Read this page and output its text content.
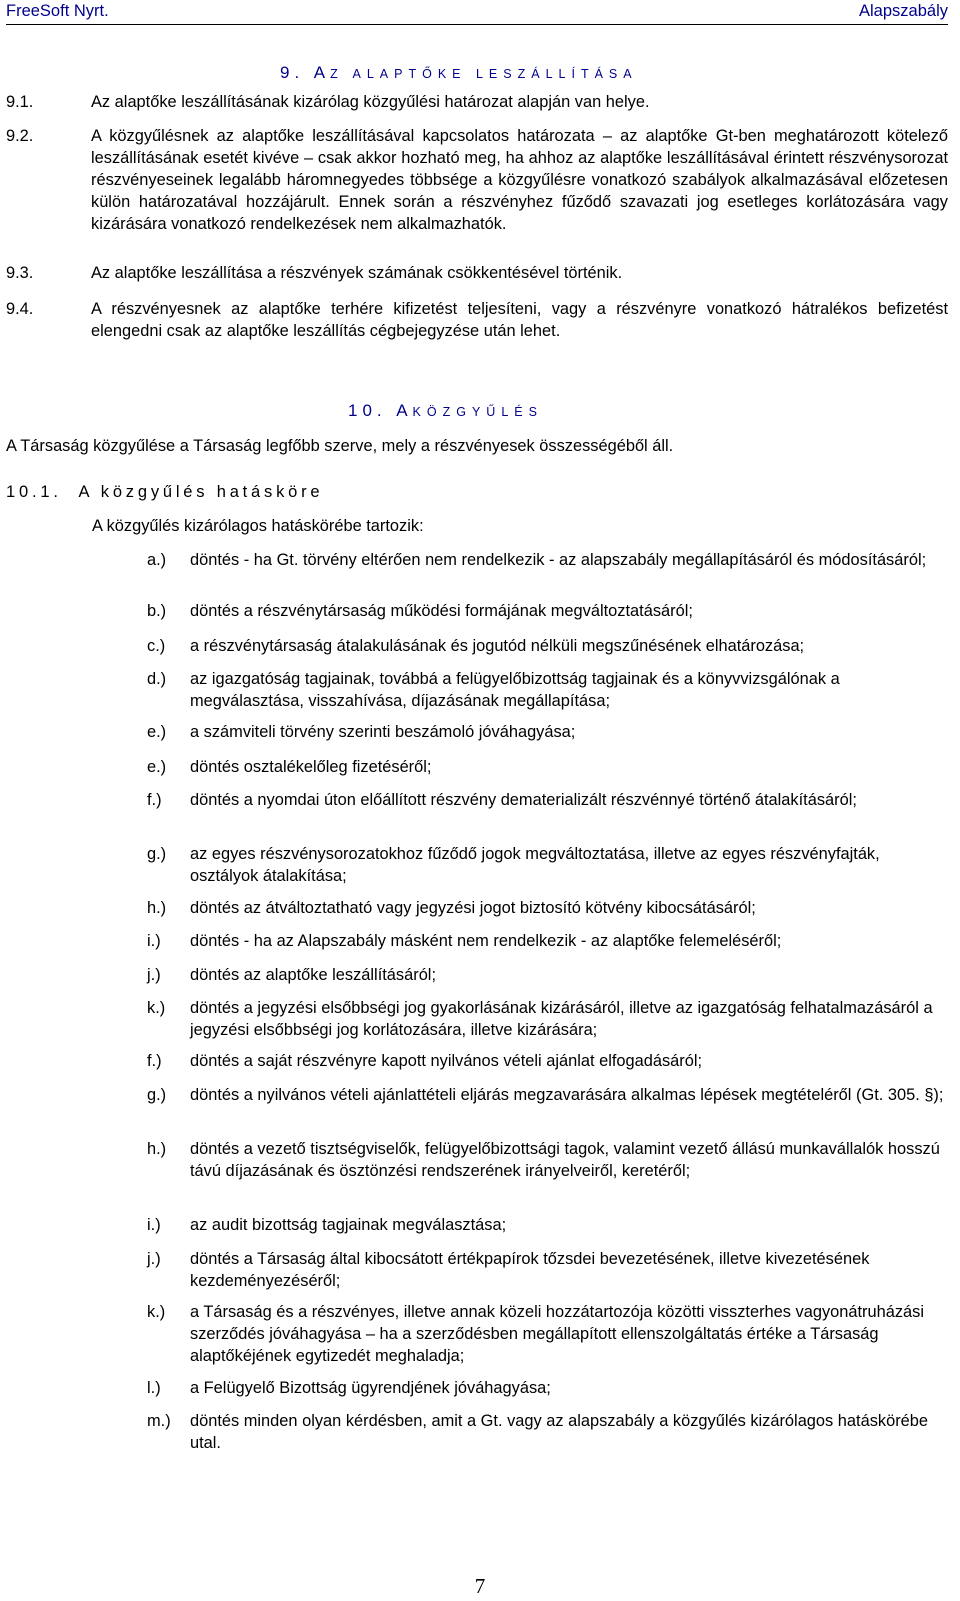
FreeSoft Nyrt.	Alapszabály
9. AZ ALAPTŐKE LESZÁLLÍTÁSA
9.1.	Az alaptőke leszállításának kizárólag közgyűlési határozat alapján van helye.
9.2.	A közgyűlésnek az alaptőke leszállításával kapcsolatos határozata – az alaptőke Gt-ben meghatározott kötelező leszállításának esetét kivéve – csak akkor hozható meg, ha ahhoz az alaptőke leszállításával érintett részvénysorozat részvényeseinek legalább háromnegyedes többsége a közgyűlésre vonatkozó szabályok alkalmazásával előzetesen külön határozatával hozzájárult. Ennek során a részvényhez fűződő szavazati jog esetleges korlátozására vagy kizárására vonatkozó rendelkezések nem alkalmazhatók.
9.3.	Az alaptőke leszállítása a részvények számának csökkentésével történik.
9.4.	A részvényesnek az alaptőke terhére kifizetést teljesíteni, vagy a részvényre vonatkozó hátralékos befizetést elengedni csak az alaptőke leszállítás cégbejegyzése után lehet.
10. AKÖZGYŰLÉS
A Társaság közgyűlése a Társaság legfőbb szerve, mely a részvényesek összességéből áll.
10.1. A közgyűlés hatásköre
A közgyűlés kizárólagos hatáskörébe tartozik:
a.) döntés - ha Gt. törvény eltérően nem rendelkezik - az alapszabály megállapításáról és módosításáról;
b.) döntés a részvénytársaság működési formájának megváltoztatásáról;
c.) a részvénytársaság átalakulásának és jogutód nélküli megszűnésének elhatározása;
d.) az igazgatóság tagjainak, továbbá a felügyelőbizottság tagjainak és a könyvvizsgálónak a megválasztása, visszahívása, díjazásának megállapítása;
e.) a számviteli törvény szerinti beszámoló jóváhagyása;
e.) döntés osztalékelőleg fizetéséről;
f.) döntés a nyomdai úton előállított részvény dematerializált részvénnyé történő átalakításáról;
g.) az egyes részvénysorozatokhoz fűződő jogok megváltoztatása, illetve az egyes részvényfajták, osztályok átalakítása;
h.) döntés az átváltoztatható vagy jegyzési jogot biztosító kötvény kibocsátásáról;
i.) döntés - ha az Alapszabály másként nem rendelkezik - az alaptőke felemeléséről;
j.) döntés az alaptőke leszállításáról;
k.) döntés a jegyzési elsőbbségi jog gyakorlásának kizárásáról, illetve az igazgatóság felhatalmazásáról a jegyzési elsőbbségi jog korlátozására, illetve kizárására;
f.) döntés a saját részvényre kapott nyilvános vételi ajánlat elfogadásáról;
g.) döntés a nyilvános vételi ajánlattételi eljárás megzavarására alkalmas lépések megtételéről (Gt. 305. §);
h.) döntés a vezető tisztségviselők, felügyelőbizottsági tagok, valamint vezető állású munkavállalók hosszú távú díjazásának és ösztönzési rendszerének irányelveiről, keretéről;
i.) az audit bizottság tagjainak megválasztása;
j.) döntés a Társaság által kibocsátott értékpapírok tőzsdei bevezetésének, illetve kivezetésének kezdeményezéséről;
k.) a Társaság és a részvényes, illetve annak közeli hozzátartozója közötti visszterhes vagyonátruházási szerződés jóváhagyása – ha a szerződésben megállapított ellenszolgáltatás értéke a Társaság alaptőkéjének egytizedét meghaladja;
l.) a Felügyelő Bizottság ügyrendjének jóváhagyása;
m.) döntés minden olyan kérdésben, amit a Gt. vagy az alapszabály a közgyűlés kizárólagos hatáskörébe utal.
7
